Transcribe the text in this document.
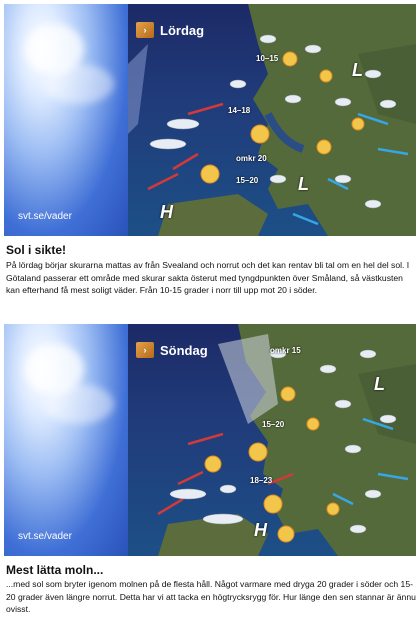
svt.se/vader
›	Lördag
10–15
14–18
omkr 20
15–20
L
L
H
Sol i sikte!
På lördag börjar skurarna mattas av från Svealand och norrut och det kan rentav bli tal om en hel del sol. I Götaland passerar ett område med skurar sakta österut med tyngdpunkten över Småland, så västkusten kan efterhand få mest soligt väder. Från 10-15 grader i norr till upp mot 20 i söder.
svt.se/vader
›	Söndag	omkr 15
15–20
18–23
L
H
Mest lätta moln...
...med sol som bryter igenom molnen på de flesta håll. Något varmare med dryga 20 grader i söder och 15-20 grader även längre norrut. Detta har vi att tacka en högtrycksrygg för. Hur länge den sen stannar är ännu ovisst.
